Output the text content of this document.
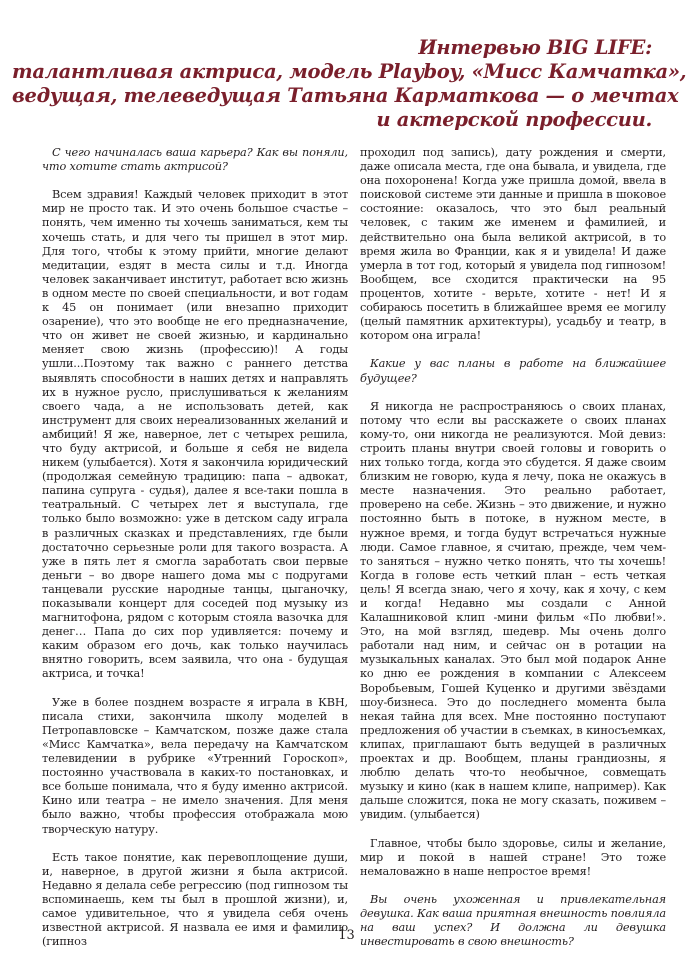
Интервью BIG LIFE:
талантливая актриса, модель Playboy, «Мисс Камчатка»,
ведущая, телеведущая Татьяна Карматкова — о мечтах
и актерской профессии.

С чего начиналась ваша карьера? Как вы поняли, что хотите стать актрисой?

Всем здравия! Каждый человек приходит в этот мир не просто так. И это очень большое счастье – понять, чем именно ты хочешь заниматься, кем ты хочешь стать, и для чего ты пришел в этот мир. Для того, чтобы к этому прийти, многие делают медитации, ездят в места силы и т.д. Иногда человек заканчивает институт, работает всю жизнь в одном месте по своей специальности, и вот годам к 45 он понимает (или внезапно приходит озарение), что это вообще не его предназначение, что он живет не своей жизнью, и кардинально меняет свою жизнь (профессию)! А годы ушли...Поэтому так важно с раннего детства выявлять способности в наших детях и направлять их в нужное русло, прислушиваться к желаниям своего чада, а не использовать детей, как инструмент для своих нереализованных желаний и амбиций! Я же, наверное, лет с четырех решила, что буду актрисой, и больше я себя не видела никем (улыбается). Хотя я закончила юридический (продолжая семейную традицию: папа – адвокат, папина супруга - судья), далее я все-таки пошла в театральный. С четырех лет я выступала, где только было возможно: уже в детском саду играла в различных сказках и представлениях, где были достаточно серьезные роли для такого возраста. А уже в пять лет я смогла заработать свои первые деньги – во дворе нашего дома мы с подругами танцевали русские народные танцы, цыганочку, показывали концерт для соседей под музыку из магнитофона, рядом с которым стояла вазочка для денег… Папа до сих пор удивляется: почему и каким образом его дочь, как только научилась внятно говорить, всем заявила, что она - будущая актриса, и точка!

Уже в более позднем возрасте я играла в КВН, писала стихи, закончила школу моделей в Петропавловске – Камчатском, позже даже стала «Мисс Камчатка», вела передачу на Камчатском телевидении в рубрике «Утренний Гороскоп», постоянно участвовала в каких-то постановках, и все больше понимала, что я буду именно актрисой. Кино или театра – не имело значения. Для меня было важно, чтобы профессия отображала мою творческую натуру.

Есть такое понятие, как перевоплощение души, и, наверное, в другой жизни я была актрисой. Недавно я делала себе регрессию (под гипнозом ты вспоминаешь, кем ты был в прошлой жизни), и, самое удивительное, что я увидела себя очень известной актрисой. Я назвала ее имя и фамилию (гипноз

проходил под запись), дату рождения и смерти, даже описала места, где она бывала, и увидела, где она похоронена! Когда уже пришла домой, ввела в поисковой системе эти данные и пришла в шоковое состояние: оказалось, что это был реальный человек, с таким же именем и фамилией, и действительно она была великой актрисой, в то время жила во Франции, как я и увидела! И даже умерла в тот год, который я увидела под гипнозом! Вообщем, все сходится практически на 95 процентов, хотите - верьте, хотите - нет! И я собираюсь посетить в ближайшее время ее могилу (целый памятник архитектуры), усадьбу и театр, в котором она играла!

Какие у вас планы в работе на ближайшее будущее?

Я никогда не распространяюсь о своих планах, потому что если вы расскажете о своих планах кому-то, они никогда не реализуются. Мой девиз: строить планы внутри своей головы и говорить о них только тогда, когда это сбудется. Я даже своим близким не говорю, куда я лечу, пока не окажусь в месте назначения. Это реально работает, проверено на себе. Жизнь – это движение, и нужно постоянно быть в потоке, в нужном месте, в нужное время, и тогда будут встречаться нужные люди. Самое главное, я считаю, прежде, чем чем-то заняться – нужно четко понять, что ты хочешь! Когда в голове есть четкий план – есть четкая цель! Я всегда знаю, чего я хочу, как я хочу, с кем и когда! Недавно мы создали с Анной Калашниковой клип -мини фильм «По любви!». Это, на мой взгляд, шедевр. Мы очень долго работали над ним, и сейчас он в ротации на музыкальных каналах. Это был мой подарок Анне ко дню ее рождения в компании с Алексеем Воробьевым, Гошей Куценко и другими звёздами шоу-бизнеса. Это до последнего момента была некая тайна для всех. Мне постоянно поступают предложения об участии в съемках, в киносъемках, клипах, приглашают быть ведущей в различных проектах и др. Вообщем, планы грандиозны, я люблю делать что-то необычное, совмещать музыку и кино (как в нашем клипе, например). Как дальше сложится, пока не могу сказать, поживем – увидим. (улыбается)

Главное, чтобы было здоровье, силы и желание, мир и покой в нашей стране! Это тоже немаловажно в наше непростое время!

Вы очень ухоженная и привлекательная девушка. Как ваша приятная внешность повлияла на ваш успех? И должна ли девушка инвестировать в свою внешность?

13
